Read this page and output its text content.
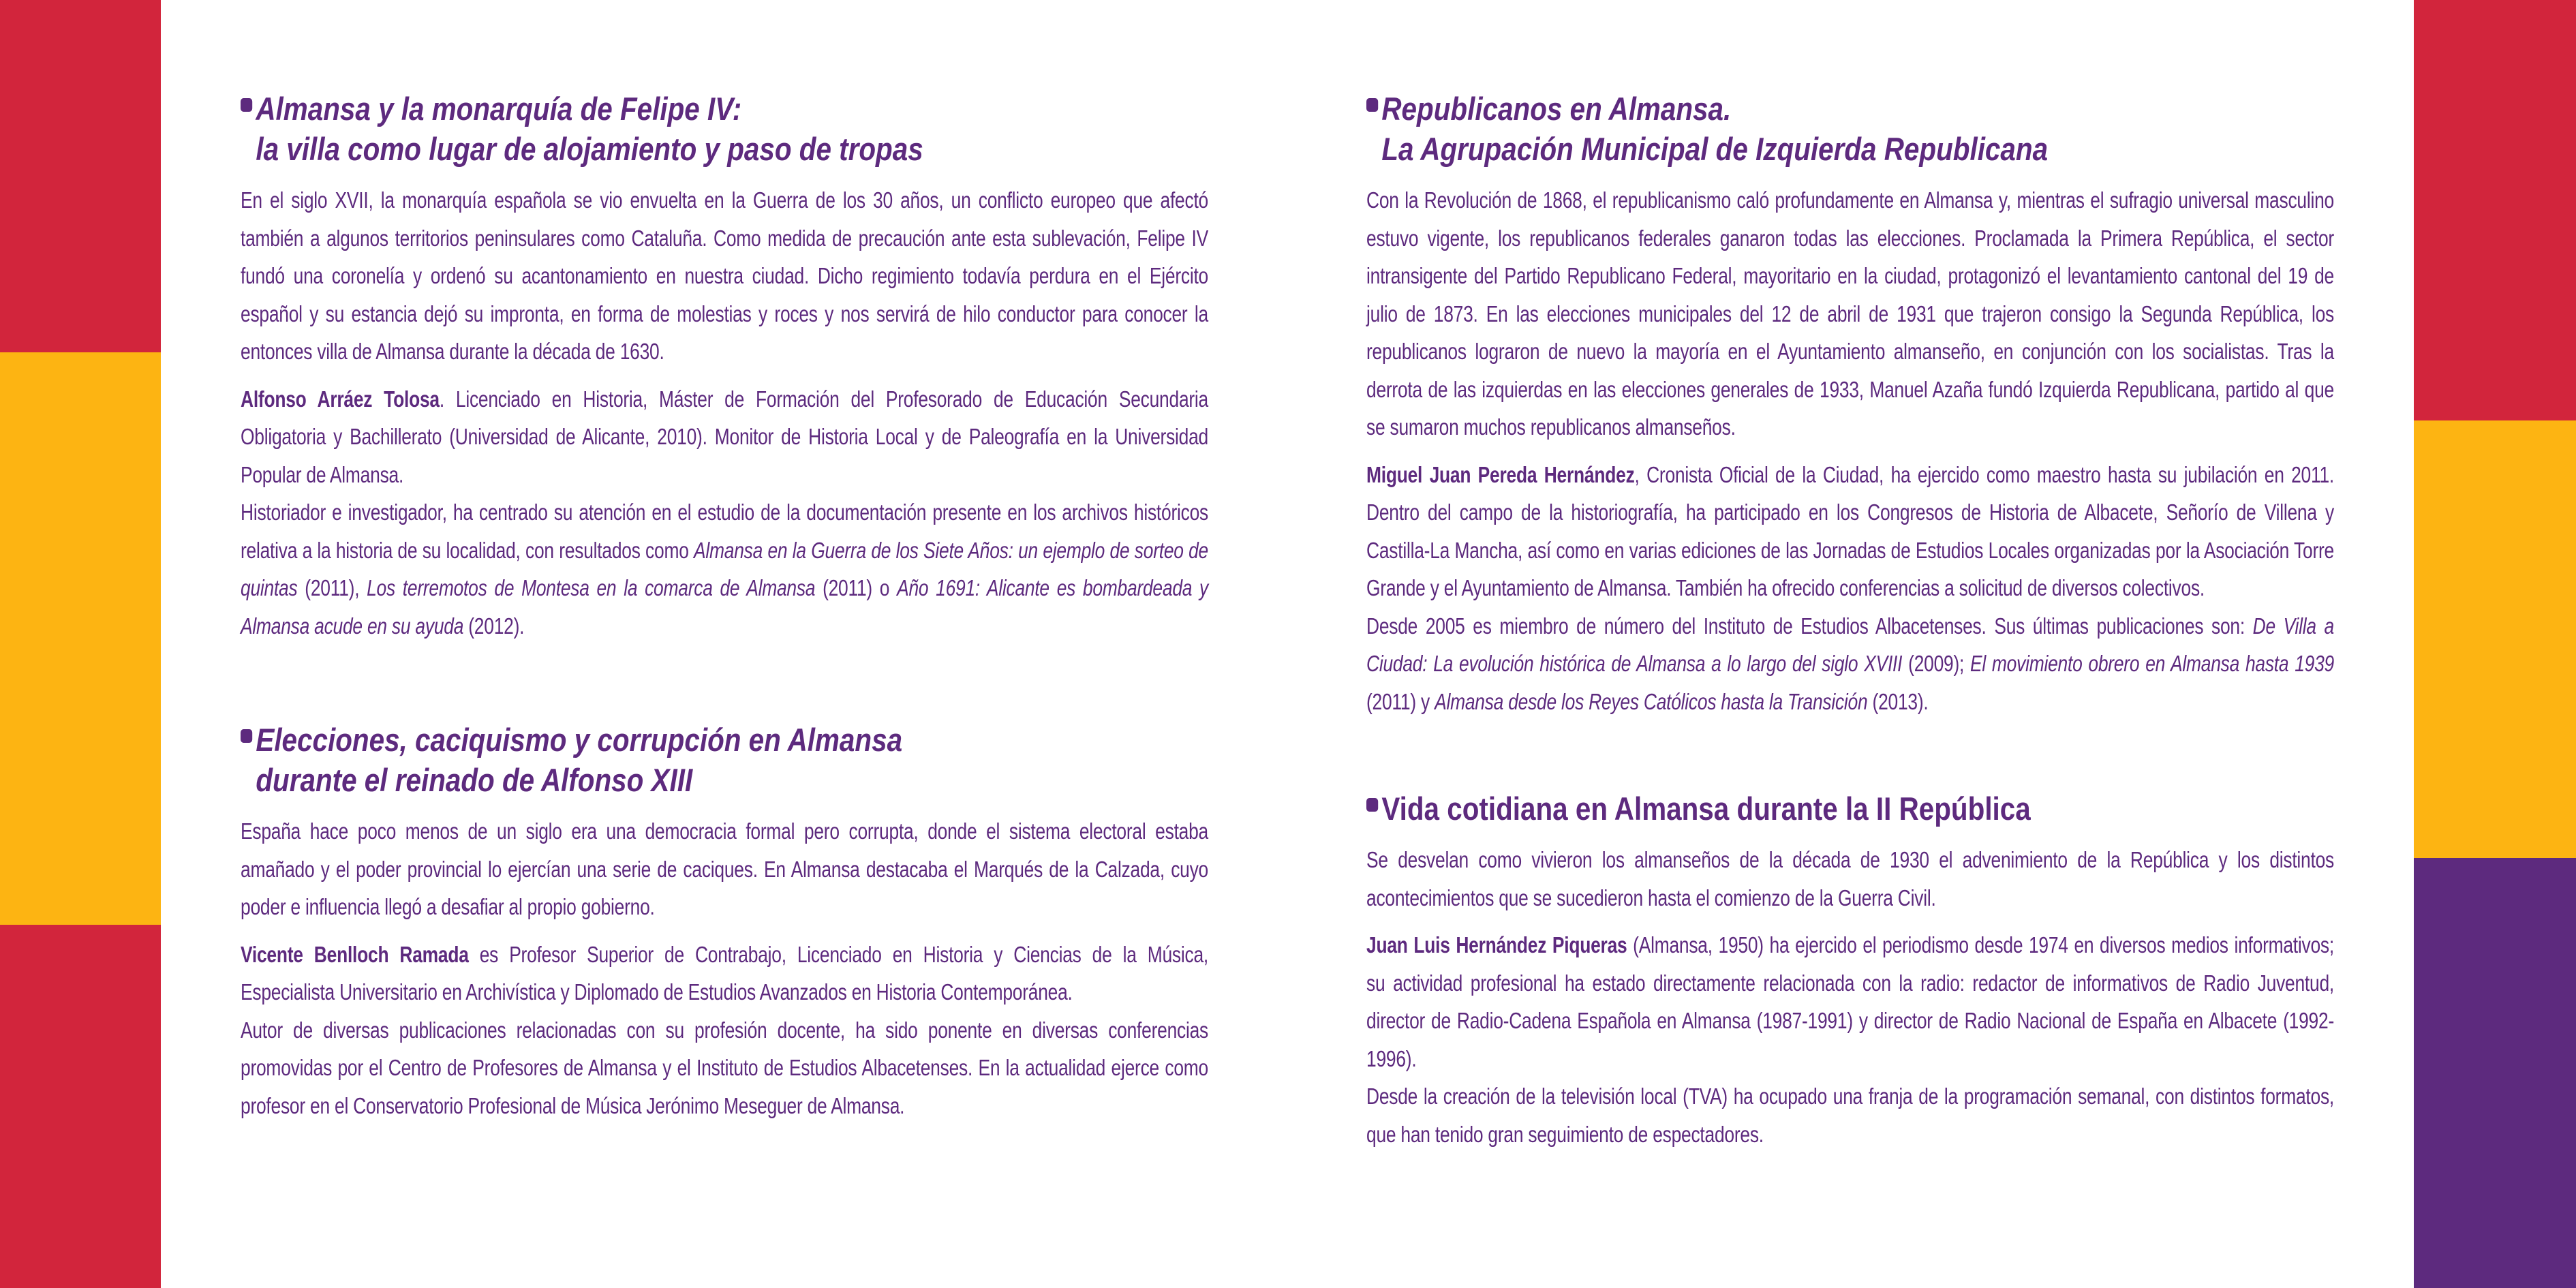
Almansa y la monarquía de Felipe IV:
la villa como lugar de alojamiento y paso de tropas

En el siglo XVII, la monarquía española se vio envuelta en la Guerra de los 30 años, un conflicto europeo que afectó también a algunos territorios peninsulares como Cataluña. Como medida de precaución ante esta sublevación, Felipe IV fundó una coronelía y ordenó su acantonamiento en nuestra ciudad. Dicho regimiento todavía perdura en el Ejército español y su estancia dejó su impronta, en forma de molestias y roces y nos servirá de hilo conductor para conocer la entonces villa de Almansa durante la década de 1630.

Alfonso Arráez Tolosa. Licenciado en Historia, Máster de Formación del Profesorado de Educación Secundaria Obligatoria y Bachillerato (Universidad de Alicante, 2010). Monitor de Historia Local y de Paleografía en la Universidad Popular de Almansa.

Historiador e investigador, ha centrado su atención en el estudio de la documentación presente en los archivos históricos relativa a la historia de su localidad, con resultados como Almansa en la Guerra de los Siete Años: un ejemplo de sorteo de quintas (2011), Los terremotos de Montesa en la comarca de Almansa (2011) o Año 1691: Alicante es bombardeada y Almansa acude en su ayuda (2012).

Elecciones, caciquismo y corrupción en Almansa
durante el reinado de Alfonso XIII

España hace poco menos de un siglo era una democracia formal pero corrupta, donde el sistema electoral estaba amañado y el poder provincial lo ejercían una serie de caciques. En Almansa destacaba el Marqués de la Calzada, cuyo poder e influencia llegó a desafiar al propio gobierno.

Vicente Benlloch Ramada es Profesor Superior de Contrabajo, Licenciado en Historia y Ciencias de la Música, Especialista Universitario en Archivística y Diplomado de Estudios Avanzados en Historia Contemporánea.

Autor de diversas publicaciones relacionadas con su profesión docente, ha sido ponente en diversas conferencias promovidas por el Centro de Profesores de Almansa y el Instituto de Estudios Albacetenses. En la actualidad ejerce como profesor en el Conservatorio Profesional de Música Jerónimo Meseguer de Almansa.

Republicanos en Almansa.
La Agrupación Municipal de Izquierda Republicana

Con la Revolución de 1868, el republicanismo caló profundamente en Almansa y, mientras el sufragio universal masculino estuvo vigente, los republicanos federales ganaron todas las elecciones. Proclamada la Primera República, el sector intransigente del Partido Republicano Federal, mayoritario en la ciudad, protagonizó el levantamiento cantonal del 19 de julio de 1873. En las elecciones municipales del 12 de abril de 1931 que trajeron consigo la Segunda República, los republicanos lograron de nuevo la mayoría en el Ayuntamiento almanseño, en conjunción con los socialistas. Tras la derrota de las izquierdas en las elecciones generales de 1933, Manuel Azaña fundó Izquierda Republicana, partido al que se sumaron muchos republicanos almanseños.

Miguel Juan Pereda Hernández, Cronista Oficial de la Ciudad, ha ejercido como maestro hasta su jubilación en 2011. Dentro del campo de la historiografía, ha participado en los Congresos de Historia de Albacete, Señorío de Villena y Castilla-La Mancha, así como en varias ediciones de las Jornadas de Estudios Locales organizadas por la Asociación Torre Grande y el Ayuntamiento de Almansa. También ha ofrecido conferencias a solicitud de diversos colectivos.

Desde 2005 es miembro de número del Instituto de Estudios Albacetenses. Sus últimas publicaciones son: De Villa a Ciudad: La evolución histórica de Almansa a lo largo del siglo XVIII (2009); El movimiento obrero en Almansa hasta 1939 (2011) y Almansa desde los Reyes Católicos hasta la Transición (2013).

Vida cotidiana en Almansa durante la II República

Se desvelan como vivieron los almanseños de la década de 1930 el advenimiento de la República y los distintos acontecimientos que se sucedieron hasta el comienzo de la Guerra Civil.

Juan Luis Hernández Piqueras (Almansa, 1950) ha ejercido el periodismo desde 1974 en diversos medios informativos; su actividad profesional ha estado directamente relacionada con la radio: redactor de informativos de Radio Juventud, director de Radio-Cadena Española en Almansa (1987-1991) y director de Radio Nacional de España en Albacete (1992-1996).

Desde la creación de la televisión local (TVA) ha ocupado una franja de la programación semanal, con distintos formatos, que han tenido gran seguimiento de espectadores.
